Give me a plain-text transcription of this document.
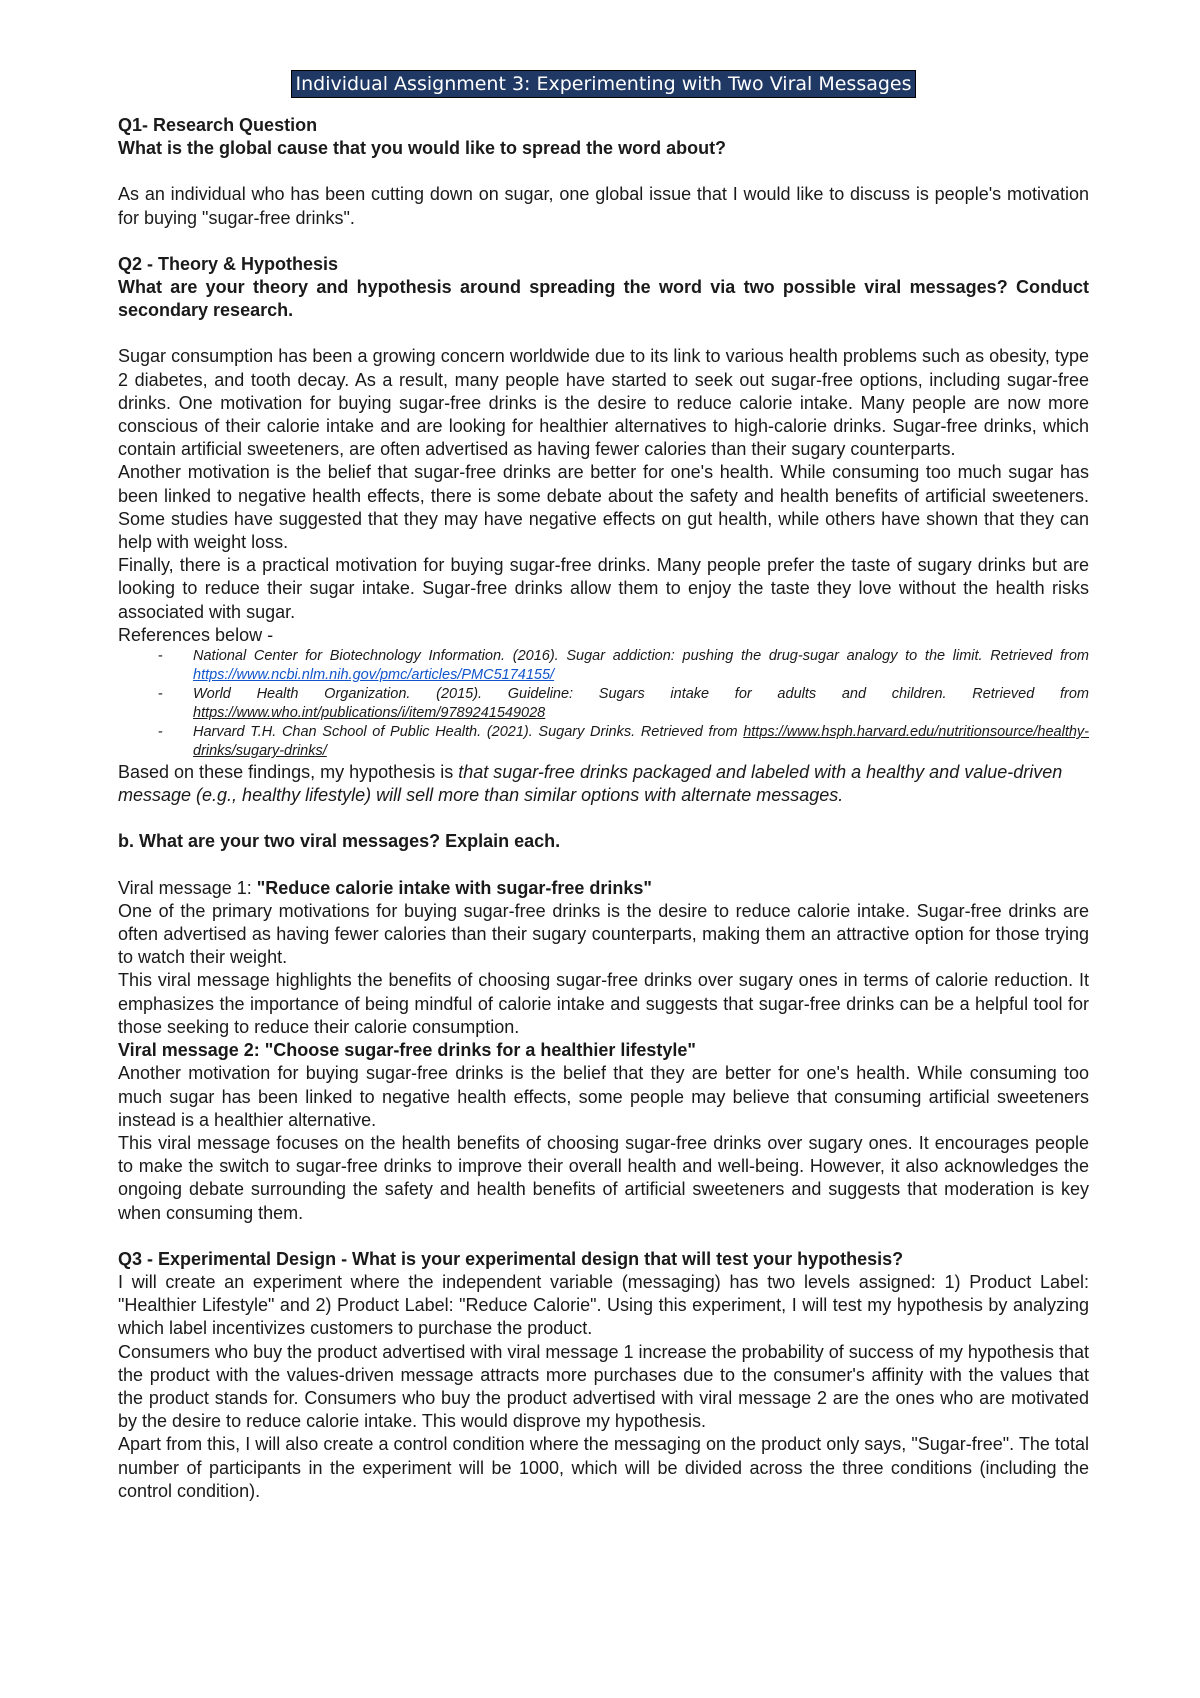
Individual Assignment 3: Experimenting with Two Viral Messages

Q1- Research Question

What is the global cause that you would like to spread the word about?

As an individual who has been cutting down on sugar, one global issue that I would like to discuss is people's motivation for buying "sugar-free drinks".

Q2 - Theory & Hypothesis

What are your theory and hypothesis around spreading the word via two possible viral messages? Conduct secondary research.

Sugar consumption has been a growing concern worldwide due to its link to various health problems such as obesity, type 2 diabetes, and tooth decay. As a result, many people have started to seek out sugar-free options, including sugar-free drinks. One motivation for buying sugar-free drinks is the desire to reduce calorie intake. Many people are now more conscious of their calorie intake and are looking for healthier alternatives to high-calorie drinks. Sugar-free drinks, which contain artificial sweeteners, are often advertised as having fewer calories than their sugary counterparts.

Another motivation is the belief that sugar-free drinks are better for one's health. While consuming too much sugar has been linked to negative health effects, there is some debate about the safety and health benefits of artificial sweeteners. Some studies have suggested that they may have negative effects on gut health, while others have shown that they can help with weight loss.

Finally, there is a practical motivation for buying sugar-free drinks. Many people prefer the taste of sugary drinks but are looking to reduce their sugar intake. Sugar-free drinks allow them to enjoy the taste they love without the health risks associated with sugar.

References below -

- National Center for Biotechnology Information. (2016). Sugar addiction: pushing the drug-sugar analogy to the limit. Retrieved from https://www.ncbi.nlm.nih.gov/pmc/articles/PMC5174155/
- World Health Organization. (2015). Guideline: Sugars intake for adults and children. Retrieved from https://www.who.int/publications/i/item/9789241549028
- Harvard T.H. Chan School of Public Health. (2021). Sugary Drinks. Retrieved from https://www.hsph.harvard.edu/nutritionsource/healthy-drinks/sugary-drinks/

Based on these findings, my hypothesis is that sugar-free drinks packaged and labeled with a healthy and value-driven message (e.g., healthy lifestyle) will sell more than similar options with alternate messages.

b. What are your two viral messages? Explain each.

Viral message 1: "Reduce calorie intake with sugar-free drinks"

One of the primary motivations for buying sugar-free drinks is the desire to reduce calorie intake. Sugar-free drinks are often advertised as having fewer calories than their sugary counterparts, making them an attractive option for those trying to watch their weight.

This viral message highlights the benefits of choosing sugar-free drinks over sugary ones in terms of calorie reduction. It emphasizes the importance of being mindful of calorie intake and suggests that sugar-free drinks can be a helpful tool for those seeking to reduce their calorie consumption.

Viral message 2: "Choose sugar-free drinks for a healthier lifestyle"

Another motivation for buying sugar-free drinks is the belief that they are better for one's health. While consuming too much sugar has been linked to negative health effects, some people may believe that consuming artificial sweeteners instead is a healthier alternative.

This viral message focuses on the health benefits of choosing sugar-free drinks over sugary ones. It encourages people to make the switch to sugar-free drinks to improve their overall health and well-being. However, it also acknowledges the ongoing debate surrounding the safety and health benefits of artificial sweeteners and suggests that moderation is key when consuming them.

Q3 - Experimental Design - What is your experimental design that will test your hypothesis?

I will create an experiment where the independent variable (messaging) has two levels assigned: 1) Product Label: "Healthier Lifestyle" and 2) Product Label: "Reduce Calorie". Using this experiment, I will test my hypothesis by analyzing which label incentivizes customers to purchase the product.

Consumers who buy the product advertised with viral message 1 increase the probability of success of my hypothesis that the product with the values-driven message attracts more purchases due to the consumer's affinity with the values that the product stands for. Consumers who buy the product advertised with viral message 2 are the ones who are motivated by the desire to reduce calorie intake. This would disprove my hypothesis.

Apart from this, I will also create a control condition where the messaging on the product only says, "Sugar-free". The total number of participants in the experiment will be 1000, which will be divided across the three conditions (including the control condition).
